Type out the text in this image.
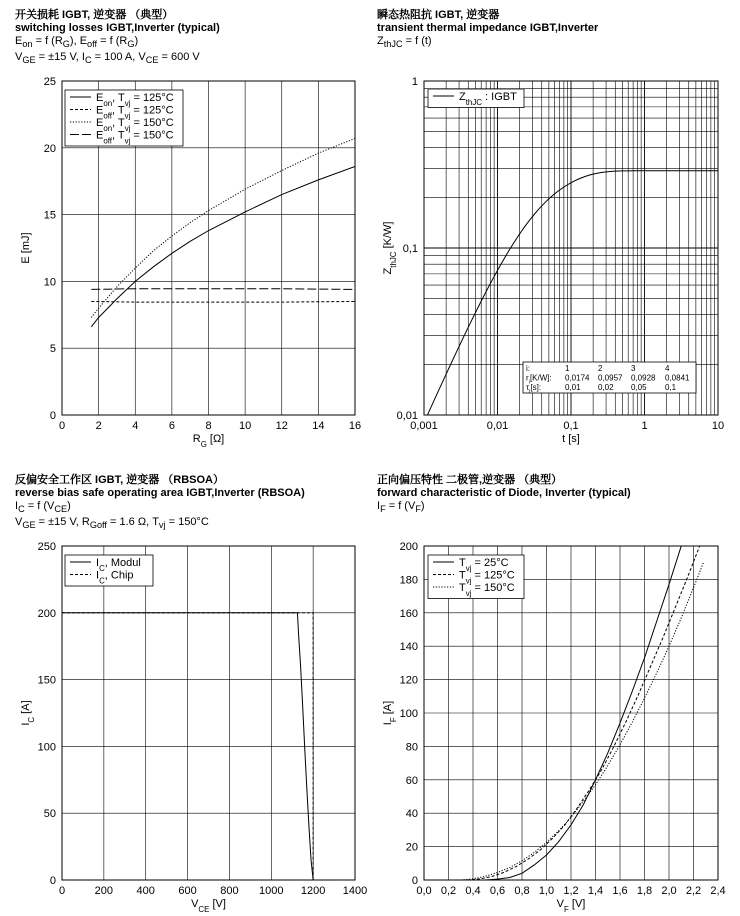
开关损耗 IGBT, 逆变器 （典型）
switching losses IGBT,Inverter (typical)
$E_{on} = f$ $(R_G)$, $E_{off} = f$ $(R_G)$
$V_{GE} = \pm 15$ V, $I_C = 100$ A, $V_{CE} = 600$ V
瞬态热阻抗 IGBT, 逆变器
transient thermal impedance IGBT,Inverter
$Z_{thJC} = f$ (t)
反偏安全工作区 IGBT, 逆变器 （RBSOA）
reverse bias safe operating area IGBT,Inverter (RBSOA)
$I_C = f$ $(V_{CE})$
$V_{GE} = \pm 15$ V, $R_{Goff} = 1.6$ Ω, $T_{vj} = 150^\circ C$
正向偏压特性 二极管,逆变器 （典型）
forward characteristic of Diode, Inverter (typical)
$I_F = f$ $(V_F)$
0	2	4	6	8 10 12 14 16
0
5
10
15
20
25
$R_G$ [Ω]
E [mJ]
$E_{on}$, $T_{vj} = 125^\circ C$
$E_{off}$, $T_{vj} = 125^\circ C$
$E_{on}$, $T_{vj} = 150^\circ C$
$E_{off}$, $T_{vj} = 150^\circ C$
0,001	0,01	0,1	1	10
0,01
0,1
1
t [s]
$Z_{thJC}$ [K/W]
$Z_{thJC}$ : IGBT
i:	1	2	3	4
$r_i[K/W]$: 0,0174 0,0957 0,0928 0,0841
$\tau_i[s]$:	0,01 0,02 0,05 0,1
0	200 400 600 800 1000 1200 1400
0
50
100
150
200
250
$V_{CE}$ [V]
$I_C$ [A]
$I_C$, Modul
$I_C$, Chip
0,0 0,2 0,4 0,6 0,8 1,0 1,2 1,4 1,6 1,8 2,0 2,2 2,4
0
20
40
60
80
100
120
140
160
180
200
$V_F$ [V]
$I_F$ [A]
$T_{vj} = 25^\circ C$
$T_{vj} = 125^\circ C$
$T_{vj} = 150^\circ C$
